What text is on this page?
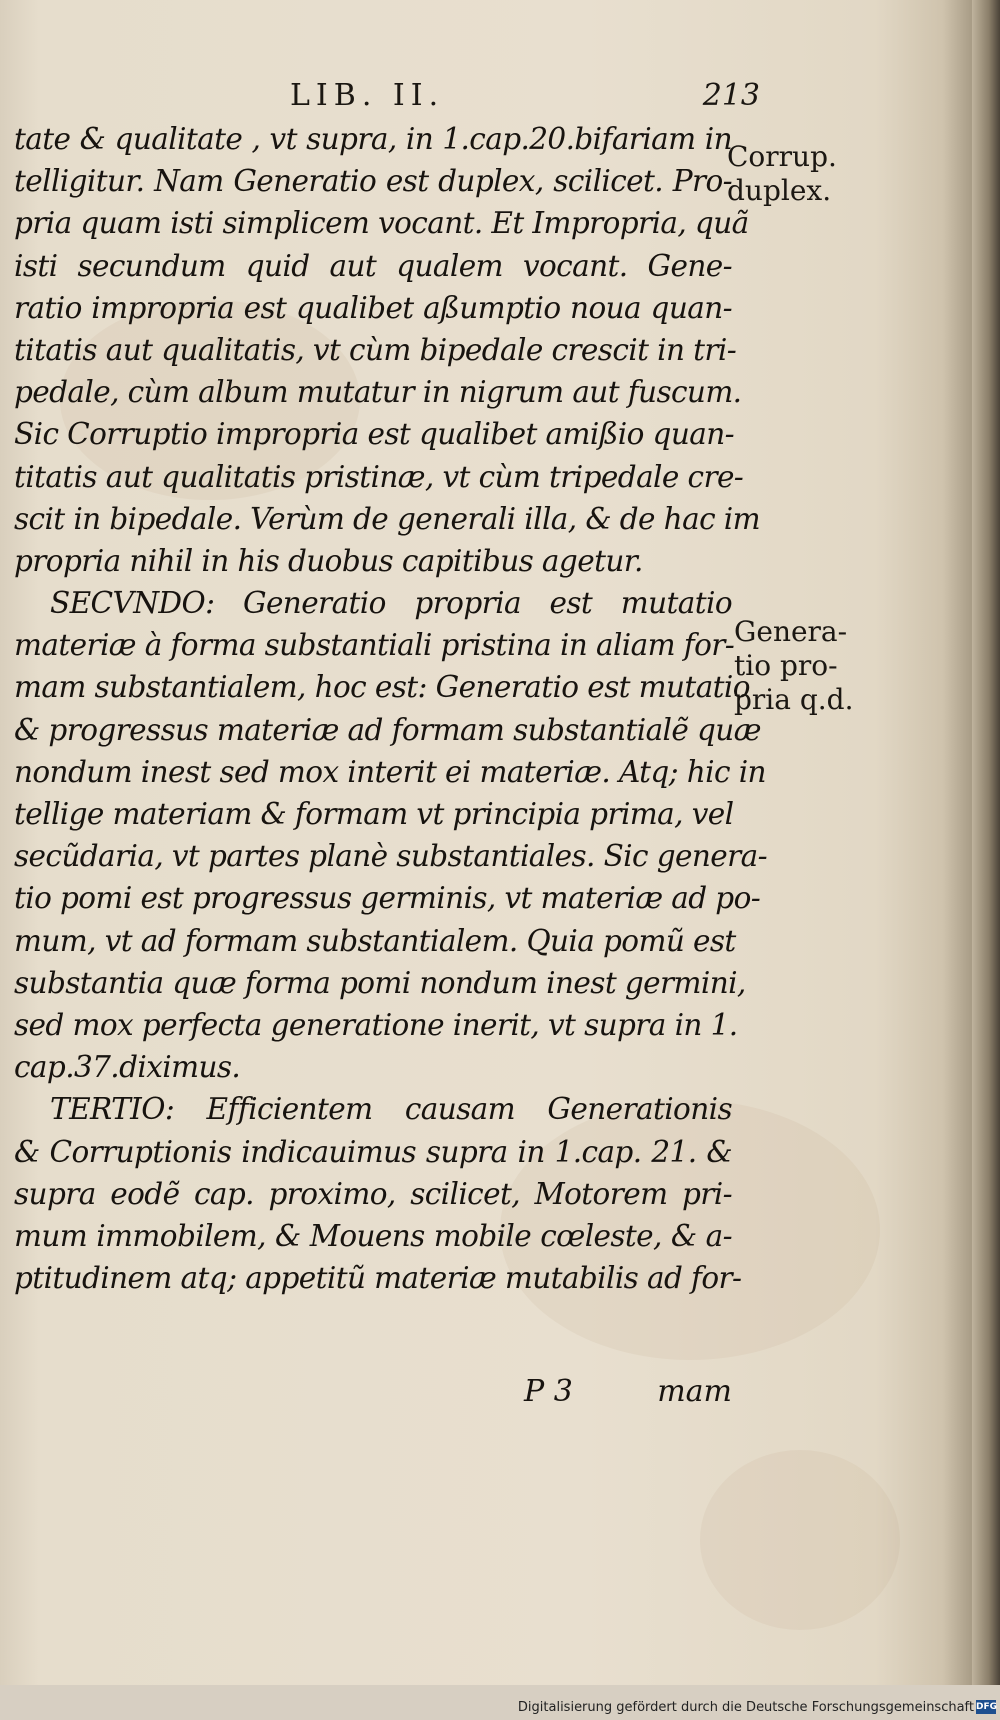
LIB. II.	213
tate & qualitate , vt supra, in 1.cap.20.bifariam in
telligitur. Nam Generatio est duplex, scilicet. Pro-
pria quam isti simplicem vocant. Et Impropria, quã
isti secundum quid aut qualem vocant. Gene-
ratio impropria est qualibet aßumptio noua quan-
titatis aut qualitatis, vt cùm bipedale crescit in tri-
pedale, cùm album mutatur in nigrum aut fuscum.
Sic Corruptio impropria est qualibet amißio quan-
titatis aut qualitatis pristinæ, vt cùm tripedale cre-
scit in bipedale. Verùm de generali illa, & de hac im
propria nihil in his duobus capitibus agetur.
SECVNDO: Generatio propria est mutatio
materiæ à forma substantiali pristina in aliam for-
mam substantialem, hoc est: Generatio est mutatio
& progressus materiæ ad formam substantialẽ quæ
nondum inest sed mox interit ei materiæ. Atq; hic in
tellige materiam & formam vt principia prima, vel
secũdaria, vt partes planè substantiales. Sic genera-
tio pomi est progressus germinis, vt materiæ ad po-
mum, vt ad formam substantialem. Quia pomũ est
substantia quæ forma pomi nondum inest germini,
sed mox perfecta generatione inerit, vt supra in 1.
cap.37.diximus.
TERTIO: Efficientem causam Generationis
& Corruptionis indicauimus supra in 1.cap. 21. &
supra eodẽ cap. proximo, scilicet, Motorem pri-
mum immobilem, & Mouens mobile cœleste, & a-
ptitudinem atq; appetitũ materiæ mutabilis ad for-
P 3	mam
Corrup.
duplex.
Genera-
tio pro-
pria q.d.
Digitalisierung gefördert durch die Deutsche Forschungsgemeinschaft DFG
